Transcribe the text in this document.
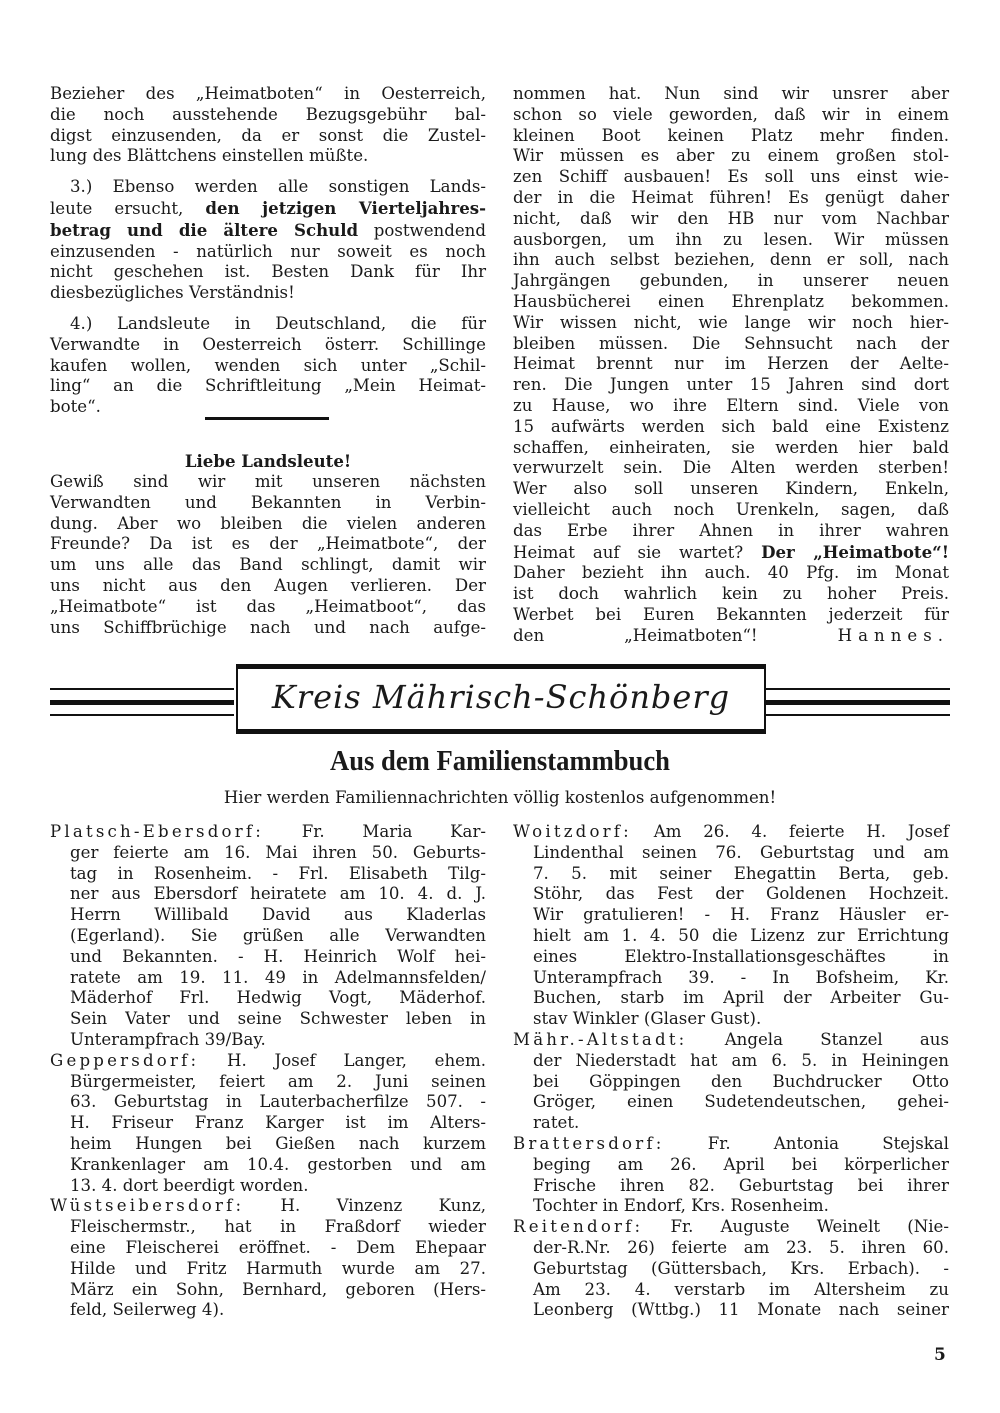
Bezieher des „Heimatboten“ in Oesterreich,
die noch ausstehende Bezugsgebühr bal-
digst einzusenden, da er sonst die Zustel-
lung des Blättchens einstellen müßte.
3.) Ebenso werden alle sonstigen Lands-
leute ersucht, den jetzigen Vierteljahres-
betrag und die ältere Schuld postwendend
einzusenden - natürlich nur soweit es noch
nicht geschehen ist. Besten Dank für Ihr
diesbezügliches Verständnis!
4.) Landsleute in Deutschland, die für
Verwandte in Oesterreich österr. Schillinge
kaufen wollen, wenden sich unter „Schil-
ling“ an die Schriftleitung „Mein Heimat-
bote“.
Liebe Landsleute!
Gewiß sind wir mit unseren nächsten
Verwandten und Bekannten in Verbin-
dung. Aber wo bleiben die vielen anderen
Freunde? Da ist es der „Heimatbote“, der
um uns alle das Band schlingt, damit wir
uns nicht aus den Augen verlieren. Der
„Heimatbote“ ist das „Heimatboot“, das
uns Schiffbrüchige nach und nach aufge-
nommen hat. Nun sind wir unsrer aber
schon so viele geworden, daß wir in einem
kleinen Boot keinen Platz mehr finden.
Wir müssen es aber zu einem großen stol-
zen Schiff ausbauen! Es soll uns einst wie-
der in die Heimat führen! Es genügt daher
nicht, daß wir den HB nur vom Nachbar
ausborgen, um ihn zu lesen. Wir müssen
ihn auch selbst beziehen, denn er soll, nach
Jahrgängen gebunden, in unserer neuen
Hausbücherei einen Ehrenplatz bekommen.
Wir wissen nicht, wie lange wir noch hier-
bleiben müssen. Die Sehnsucht nach der
Heimat brennt nur im Herzen der Aelte-
ren. Die Jungen unter 15 Jahren sind dort
zu Hause, wo ihre Eltern sind. Viele von
15 aufwärts werden sich bald eine Existenz
schaffen, einheiraten, sie werden hier bald
verwurzelt sein. Die Alten werden sterben!
Wer also soll unseren Kindern, Enkeln,
vielleicht auch noch Urenkeln, sagen, daß
das Erbe ihrer Ahnen in ihrer wahren
Heimat auf sie wartet? Der „Heimatbote“!
Daher bezieht ihn auch. 40 Pfg. im Monat
ist doch wahrlich kein zu hoher Preis.
Werbet bei Euren Bekannten jederzeit für
den „Heimatboten“! Hannes.
Kreis Mährisch-Schönberg
Aus dem Familienstammbuch
Hier werden Familiennachrichten völlig kostenlos aufgenommen!
Platsch-Ebersdorf: Fr. Maria Kar-
ger feierte am 16. Mai ihren 50. Geburts-
tag in Rosenheim. - Frl. Elisabeth Tilg-
ner aus Ebersdorf heiratete am 10. 4. d. J.
Herrn Willibald David aus Kladerlas
(Egerland). Sie grüßen alle Verwandten
und Bekannten. - H. Heinrich Wolf hei-
ratete am 19. 11. 49 in Adelmannsfelden/
Mäderhof Frl. Hedwig Vogt, Mäderhof.
Sein Vater und seine Schwester leben in
Unterampfrach 39/Bay.
Geppersdorf: H. Josef Langer, ehem.
Bürgermeister, feiert am 2. Juni seinen
63. Geburtstag in Lauterbacherfilze 507. -
H. Friseur Franz Karger ist im Alters-
heim Hungen bei Gießen nach kurzem
Krankenlager am 10.4. gestorben und am
13. 4. dort beerdigt worden.
Wüstseibersdorf: H. Vinzenz Kunz,
Fleischermstr., hat in Fraßdorf wieder
eine Fleischerei eröffnet. - Dem Ehepaar
Hilde und Fritz Harmuth wurde am 27.
März ein Sohn, Bernhard, geboren (Hers-
feld, Seilerweg 4).
Woitzdorf: Am 26. 4. feierte H. Josef
Lindenthal seinen 76. Geburtstag und am
7. 5. mit seiner Ehegattin Berta, geb.
Stöhr, das Fest der Goldenen Hochzeit.
Wir gratulieren! - H. Franz Häusler er-
hielt am 1. 4. 50 die Lizenz zur Errichtung
eines Elektro-Installationsgeschäftes in
Unterampfrach 39. - In Bofsheim, Kr.
Buchen, starb im April der Arbeiter Gu-
stav Winkler (Glaser Gust).
Mähr.-Altstadt: Angela Stanzel aus
der Niederstadt hat am 6. 5. in Heiningen
bei Göppingen den Buchdrucker Otto
Gröger, einen Sudetendeutschen, gehei-
ratet.
Brattersdorf: Fr. Antonia Stejskal
beging am 26. April bei körperlicher
Frische ihren 82. Geburtstag bei ihrer
Tochter in Endorf, Krs. Rosenheim.
Reitendorf: Fr. Auguste Weinelt (Nie-
der-R.Nr. 26) feierte am 23. 5. ihren 60.
Geburtstag (Güttersbach, Krs. Erbach). -
Am 23. 4. verstarb im Altersheim zu
Leonberg (Wttbg.) 11 Monate nach seiner
5
